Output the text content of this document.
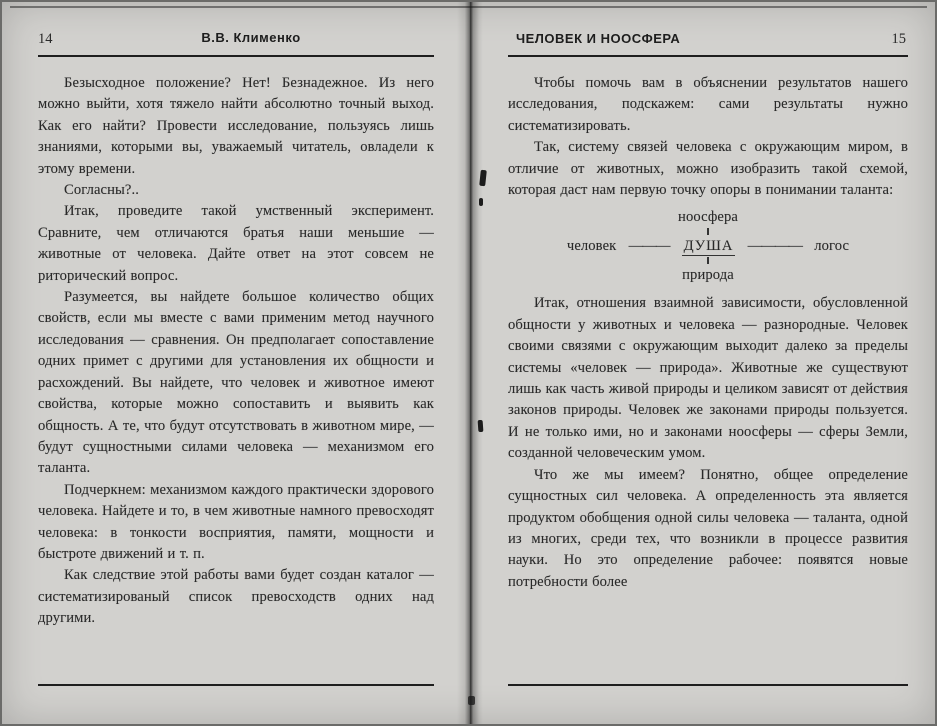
14	В.В. Клименко

Безысходное положение? Нет! Безнадежное. Из него можно выйти, хотя тяжело найти абсолютно точный выход. Как его найти? Провести исследование, пользуясь лишь знаниями, которыми вы, уважаемый читатель, овладели к этому времени.

Согласны?..

Итак, проведите такой умственный эксперимент. Сравните, чем отличаются братья наши меньшие — животные от человека. Дайте ответ на этот совсем не риторический вопрос.

Разумеется, вы найдете большое количество общих свойств, если мы вместе с вами применим метод научного исследования — сравнения. Он предполагает сопоставление одних примет с другими для установления их общности и расхождений. Вы найдете, что человек и животное имеют свойства, которые можно сопоставить и выявить как общность. А те, что будут отсутствовать в животном мире, — будут сущностными силами человека — механизмом его таланта.

Подчеркнем: механизмом каждого практически здорового человека. Найдете и то, в чем животные намного превосходят человека: в тонкости восприятия, памяти, мощности и быстроте движений и т. п.

Как следствие этой работы вами будет создан каталог — систематизированый список превосходств одних над другими.

ЧЕЛОВЕК И НООСФЕРА	15

Чтобы помочь вам в объяснении результатов нашего исследования, подскажем: сами результаты нужно систематизировать.

Так, систему связей человека с окружающим миром, в отличие от животных, можно изобразить такой схемой, которая даст нам первую точку опоры в понимании таланта:

ноосфера
человек ——— ДУША ———— логос
природа

Итак, отношения взаимной зависимости, обусловленной общности у животных и человека — разнородные. Человек своими связями с окружающим выходит далеко за пределы системы «человек — природа». Животные же существуют лишь как часть живой природы и целиком зависят от действия законов природы. Человек же законами природы пользуется. И не только ими, но и законами ноосферы — сферы Земли, созданной человеческим умом.

Что же мы имеем? Понятно, общее определение сущностных сил человека. А определенность эта является продуктом обобщения одной силы человека — таланта, одной из многих, среди тех, что возникли в процессе развития науки. Но это определение рабочее: появятся новые потребности более
